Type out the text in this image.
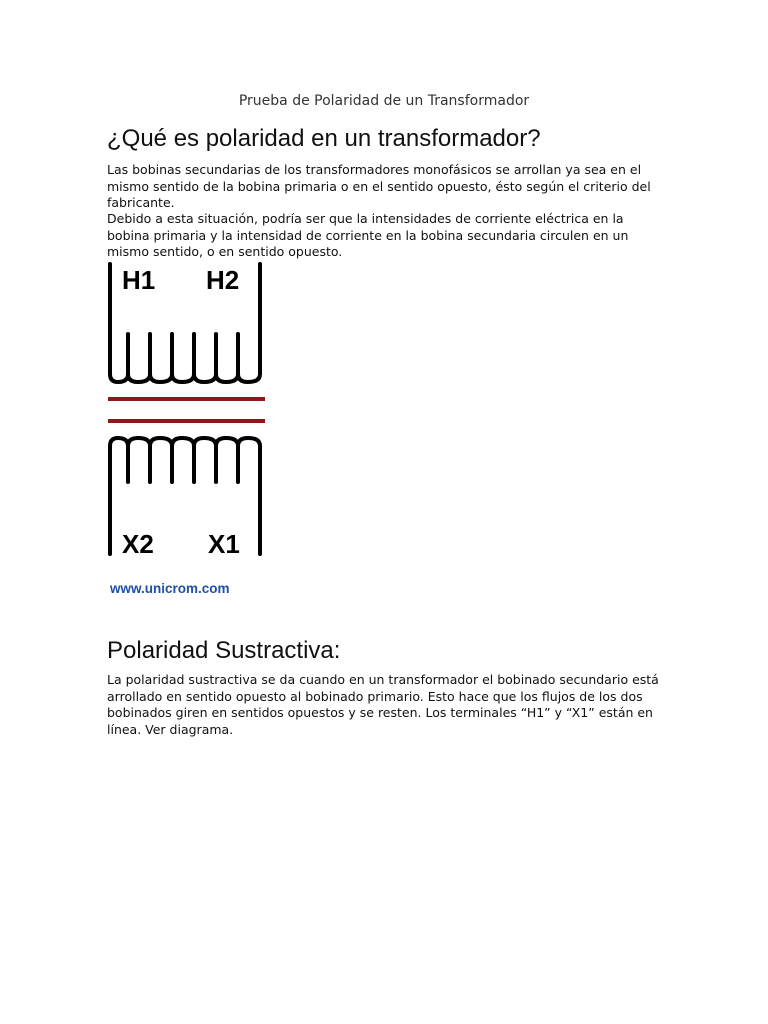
Prueba de Polaridad de un Transformador
¿Qué es polaridad en un transformador?

Las bobinas secundarias de los transformadores monofásicos se arrollan ya sea en el mismo sentido de la bobina primaria o en el sentido opuesto, ésto según el criterio del fabricante.

Debido a esta situación, podría ser que la intensidades de corriente eléctrica en la bobina primaria y la intensidad de corriente en la bobina secundaria circulen en un mismo sentido, o en sentido opuesto.

H1 H2
X2 X1
www.unicrom.com
Polaridad Sustractiva:

La polaridad sustractiva se da cuando en un transformador el bobinado secundario está arrollado en sentido opuesto al bobinado primario. Esto hace que los flujos de los dos bobinados giren en sentidos opuestos y se resten. Los terminales “H1” y “X1” están en línea. Ver diagrama.
